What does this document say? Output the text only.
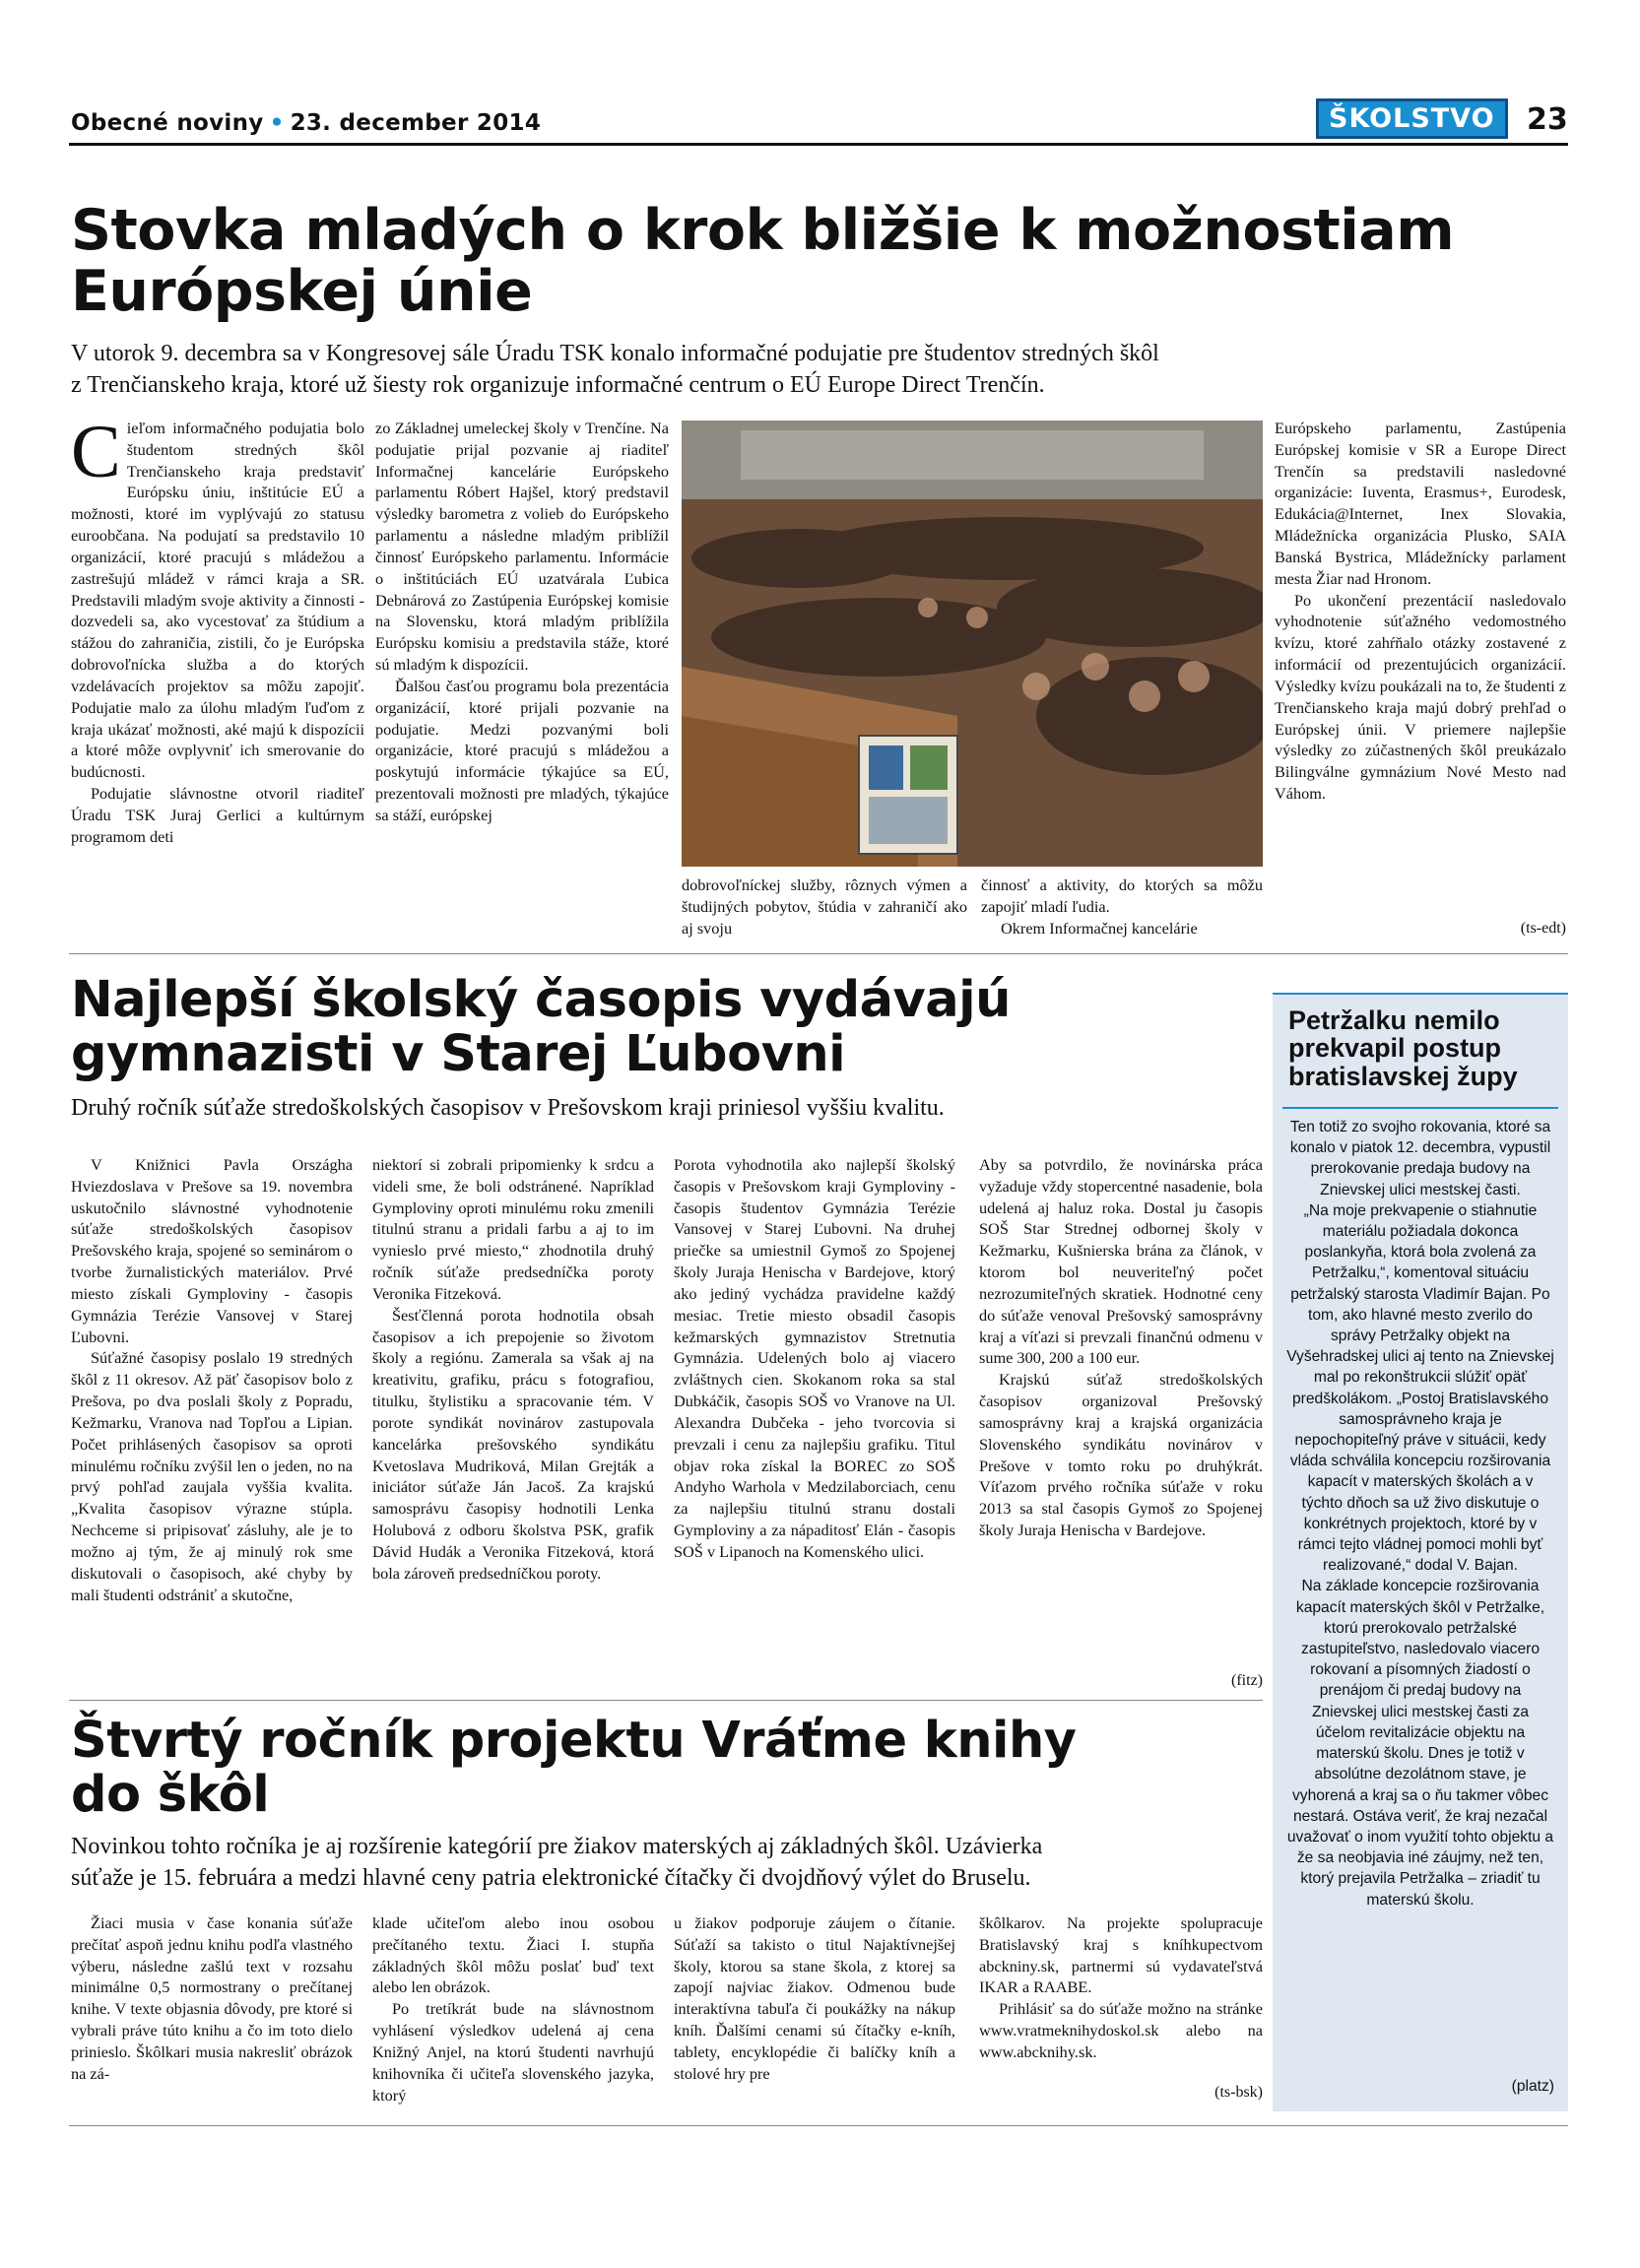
Obecné noviny • 23. december 2014	ŠKOLSTVO	23
Stovka mladých o krok bližšie k možnostiam
Európskej únie
V utorok 9. decembra sa v Kongresovej sále Úradu TSK konalo informačné podujatie pre študentov stredných škôl
z Trenčianskeho kraja, ktoré už šiesty rok organizuje informačné centrum o EÚ Europe Direct Trenčín.

Cieľom informačného podujatia bolo študentom stredných škôl Trenčianskeho kraja predstaviť Európsku úniu, inštitúcie EÚ a možnosti, ktoré im vyplývajú zo statusu euroobčana. Na podujatí sa predstavilo 10 organizácií, ktoré pracujú s mládežou a zastrešujú mládež v rámci kraja a SR. Predstavili mladým svoje aktivity a činnosti - dozvedeli sa, ako vycestovať za štúdium a stážou do zahraničia, zistili, čo je Európska dobrovoľnícka služba a do ktorých vzdelávacích projektov sa môžu zapojiť. Podujatie malo za úlohu mladým ľuďom z kraja ukázať možnosti, aké majú k dispozícii a ktoré môže ovplyvniť ich smerovanie do budúcnosti.

Podujatie slávnostne otvoril riaditeľ Úradu TSK Juraj Gerlici a kultúrnym programom deti

zo Základnej umeleckej školy v Trenčíne. Na podujatie prijal pozvanie aj riaditeľ Informačnej kancelárie Európskeho parlamentu Róbert Hajšel, ktorý predstavil výsledky barometra z volieb do Európskeho parlamentu a následne mladým priblížil činnosť Európskeho parlamentu. Informácie o inštitúciách EÚ uzatvárala Ľubica Debnárová zo Zastúpenia Európskej komisie na Slovensku, ktorá mladým priblížila Európsku komisiu a predstavila stáže, ktoré sú mladým k dispozícii.

Ďalšou časťou programu bola prezentácia organizácií, ktoré prijali pozvanie na podujatie. Medzi pozvanými boli organizácie, ktoré pracujú s mládežou a poskytujú informácie týkajúce sa EÚ, prezentovali možnosti pre mladých, týkajúce sa stáží, európskej

dobrovoľníckej služby, rôznych výmen a študijných pobytov, štúdia v zahraničí ako aj svoju

činnosť a aktivity, do ktorých sa môžu zapojiť mladí ľudia.

Okrem Informačnej kancelárie

Európskeho parlamentu, Zastúpenia Európskej komisie v SR a Europe Direct Trenčín sa predstavili nasledovné organizácie: Iuventa, Erasmus+, Eurodesk, Edukácia@Internet, Inex Slovakia, Mládežnícka organizácia Plusko, SAIA Banská Bystrica, Mládežnícky parlament mesta Žiar nad Hronom.

Po ukončení prezentácií nasledovalo vyhodnotenie súťažného vedomostného kvízu, ktoré zahŕňalo otázky zostavené z informácií od prezentujúcich organizácií. Výsledky kvízu poukázali na to, že študenti z Trenčianskeho kraja majú dobrý prehľad o Európskej únii. V priemere najlepšie výsledky zo zúčastnených škôl preukázalo Bilingválne gymnázium Nové Mesto nad Váhom.

(ts-edt)
Najlepší školský časopis vydávajú
gymnazisti v Starej Ľubovni
Druhý ročník súťaže stredoškolských časopisov v Prešovskom kraji priniesol vyššiu kvalitu.

V Knižnici Pavla Országha Hviezdoslava v Prešove sa 19. novembra uskutočnilo slávnostné vyhodnotenie súťaže stredoškolských časopisov Prešovského kraja, spojené so seminárom o tvorbe žurnalistických materiálov. Prvé miesto získali Gymploviny - časopis Gymnázia Terézie Vansovej v Starej Ľubovni.

Súťažné časopisy poslalo 19 stredných škôl z 11 okresov. Až päť časopisov bolo z Prešova, po dva poslali školy z Popradu, Kežmarku, Vranova nad Topľou a Lipian. Počet prihlásených časopisov sa oproti minulému ročníku zvýšil len o jeden, no na prvý pohľad zaujala vyššia kvalita. „Kvalita časopisov výrazne stúpla. Nechceme si pripisovať zásluhy, ale je to možno aj tým, že aj minulý rok sme diskutovali o časopisoch, aké chyby by mali študenti odstrániť a skutočne,

niektorí si zobrali pripomienky k srdcu a videli sme, že boli odstránené. Napríklad Gymploviny oproti minulému roku zmenili titulnú stranu a pridali farbu a aj to im vynieslo prvé miesto,“ zhodnotila druhý ročník súťaže predsedníčka poroty Veronika Fitzeková.

Šesťčlenná porota hodnotila obsah časopisov a ich prepojenie so životom školy a regiónu. Zamerala sa však aj na kreativitu, grafiku, prácu s fotografiou, titulku, štylistiku a spracovanie tém. V porote syndikát novinárov zastupovala kancelárka prešovského syndikátu Kvetoslava Mudriková, Milan Grejták a iniciátor súťaže Ján Jacoš. Za krajskú samosprávu časopisy hodnotili Lenka Holubová z odboru školstva PSK, grafik Dávid Hudák a Veronika Fitzeková, ktorá bola zároveň predsedníčkou poroty.

Porota vyhodnotila ako najlepší školský časopis v Prešovskom kraji Gymploviny - časopis študentov Gymnázia Terézie Vansovej v Starej Ľubovni. Na druhej priečke sa umiestnil Gymoš zo Spojenej školy Juraja Henischa v Bardejove, ktorý ako jediný vychádza pravidelne každý mesiac. Tretie miesto obsadil časopis kežmarských gymnazistov Stretnutia Gymnázia. Udelených bolo aj viacero zvláštnych cien. Skokanom roka sa stal Dubkáčik, časopis SOŠ vo Vranove na Ul. Alexandra Dubčeka - jeho tvorcovia si prevzali i cenu za najlepšiu grafiku. Titul objav roka získal la BOREC zo SOŠ Andyho Warhola v Medzilaborciach, cenu za najlepšiu titulnú stranu dostali Gymploviny a za nápaditosť Elán - časopis SOŠ v Lipanoch na Komenského ulici.

Aby sa potvrdilo, že novinárska práca vyžaduje vždy stopercentné nasadenie, bola udelená aj haluz roka. Dostal ju časopis SOŠ Star Strednej odbornej školy v Kežmarku, Kušnierska brána za článok, v ktorom bol neuveriteľný počet nezrozumiteľných skratiek. Hodnotné ceny do súťaže venoval Prešovský samosprávny kraj a víťazi si prevzali finančnú odmenu v sume 300, 200 a 100 eur.

Krajskú súťaž stredoškolských časopisov organizoval Prešovský samosprávny kraj a krajská organizácia Slovenského syndikátu novinárov v Prešove v tomto roku po druhýkrát. Víťazom prvého ročníka súťaže v roku 2013 sa stal časopis Gymoš zo Spojenej školy Juraja Henischa v Bardejove.

(fitz)
Štvrtý ročník projektu Vráťme knihy
do škôl
Novinkou tohto ročníka je aj rozšírenie kategórií pre žiakov materských aj základných škôl. Uzávierka
súťaže je 15. februára a medzi hlavné ceny patria elektronické čítačky či dvojdňový výlet do Bruselu.

Žiaci musia v čase konania súťaže prečítať aspoň jednu knihu podľa vlastného výberu, následne zašlú text v rozsahu minimálne 0,5 normostrany o prečítanej knihe. V texte objasnia dôvody, pre ktoré si vybrali práve túto knihu a čo im toto dielo prinieslo. Škôlkari musia nakresliť obrázok na zá-

klade učiteľom alebo inou osobou prečítaného textu. Žiaci I. stupňa základných škôl môžu poslať buď text alebo len obrázok.

Po tretíkrát bude na slávnostnom vyhlásení výsledkov udelená aj cena Knižný Anjel, na ktorú študenti navrhujú knihovníka či učiteľa slovenského jazyka, ktorý

u žiakov podporuje záujem o čítanie. Súťaží sa takisto o titul Najaktívnejšej školy, ktorou sa stane škola, z ktorej sa zapojí najviac žiakov. Odmenou bude interaktívna tabuľa či poukážky na nákup kníh. Ďalšími cenami sú čítačky e-kníh, tablety, encyklopédie či balíčky kníh a stolové hry pre

škôlkarov. Na projekte spolupracuje Bratislavský kraj s kníhkupectvom abckniny.sk, partnermi sú vydavateľstvá IKAR a RAABE.

Prihlásiť sa do súťaže možno na stránke www.vratmeknihydoskol.sk alebo na www.abcknihy.sk.

(ts-bsk)
Petržalku nemilo
prekvapil postup
bratislavskej župy

Ten totiž zo svojho rokovania, ktoré sa konalo v piatok 12. decembra, vypustil prerokovanie predaja budovy na Znievskej ulici mestskej časti.

„Na moje prekvapenie o stiahnutie materiálu požiadala dokonca poslankyňa, ktorá bola zvolená za Petržalku,“, komentoval situáciu petržalský starosta Vladimír Bajan. Po tom, ako hlavné mesto zverilo do správy Petržalky objekt na Vyšehradskej ulici aj tento na Znievskej mal po rekonštrukcii slúžiť opäť predškolákom. „Postoj Bratislavského samosprávneho kraja je nepochopiteľný práve v situácii, kedy vláda schválila koncepciu rozširovania kapacít v materských školách a v týchto dňoch sa už živo diskutuje o konkrétnych projektoch, ktoré by v rámci tejto vládnej pomoci mohli byť realizované,“ dodal V. Bajan.

Na základe koncepcie rozširovania kapacít materských škôl v Petržalke, ktorú prerokovalo petržalské zastupiteľstvo, nasledovalo viacero rokovaní a písomných žiadostí o prenájom či predaj budovy na Znievskej ulici mestskej časti za účelom revitalizácie objektu na materskú školu. Dnes je totiž v absolútne dezolátnom stave, je vyhorená a kraj sa o ňu takmer vôbec nestará. Ostáva veriť, že kraj nezačal uvažovať o inom využití tohto objektu a že sa neobjavia iné záujmy, než ten, ktorý prejavila Petržalka – zriadiť tu materskú školu.

(platz)
